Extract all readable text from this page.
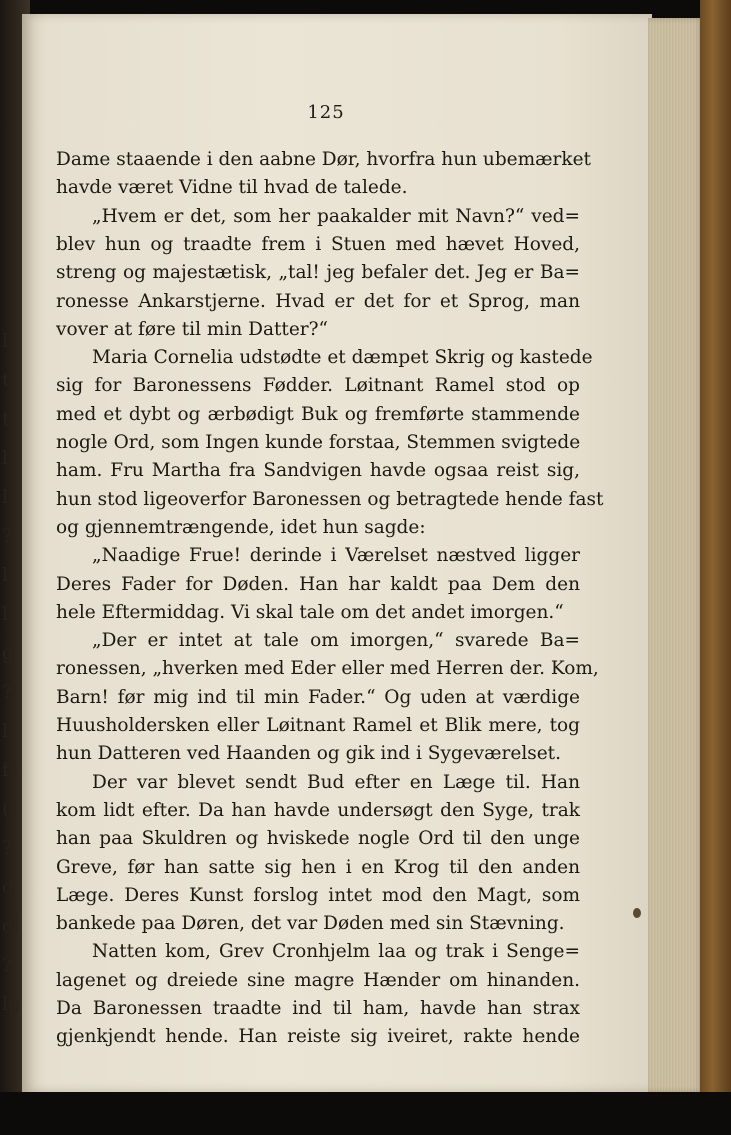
l
t
t
l
l
?
l
l
g
?
l
ft
(l
?
d
ol
?
lg
125
Dame staaende i den aabne Dør, hvorfra hun ubemærket
havde været Vidne til hvad de talede.
„Hvem er det, som her paakalder mit Navn?“ ved=
blev hun og traadte frem i Stuen med hævet Hoved,
streng og majestætisk, „tal! jeg befaler det. Jeg er Ba=
ronesse Ankarstjerne. Hvad er det for et Sprog, man
vover at føre til min Datter?“
Maria Cornelia udstødte et dæmpet Skrig og kastede
sig for Baronessens Fødder. Løitnant Ramel stod op
med et dybt og ærbødigt Buk og fremførte stammende
nogle Ord, som Ingen kunde forstaa, Stemmen svigtede
ham. Fru Martha fra Sandvigen havde ogsaa reist sig,
hun stod ligeoverfor Baronessen og betragtede hende fast
og gjennemtrængende, idet hun sagde:
„Naadige Frue! derinde i Værelset næstved ligger
Deres Fader for Døden. Han har kaldt paa Dem den
hele Eftermiddag. Vi skal tale om det andet imorgen.“
„Der er intet at tale om imorgen,“ svarede Ba=
ronessen, „hverken med Eder eller med Herren der. Kom,
Barn! før mig ind til min Fader.“ Og uden at værdige
Huusholdersken eller Løitnant Ramel et Blik mere, tog
hun Datteren ved Haanden og gik ind i Sygeværelset.
Der var blevet sendt Bud efter en Læge til. Han
kom lidt efter. Da han havde undersøgt den Syge, trak
han paa Skuldren og hviskede nogle Ord til den unge
Greve, før han satte sig hen i en Krog til den anden
Læge. Deres Kunst forslog intet mod den Magt, som
bankede paa Døren, det var Døden med sin Stævning.
Natten kom, Grev Cronhjelm laa og trak i Senge=
lagenet og dreiede sine magre Hænder om hinanden.
Da Baronessen traadte ind til ham, havde han strax
gjenkjendt hende. Han reiste sig iveiret, rakte hende
